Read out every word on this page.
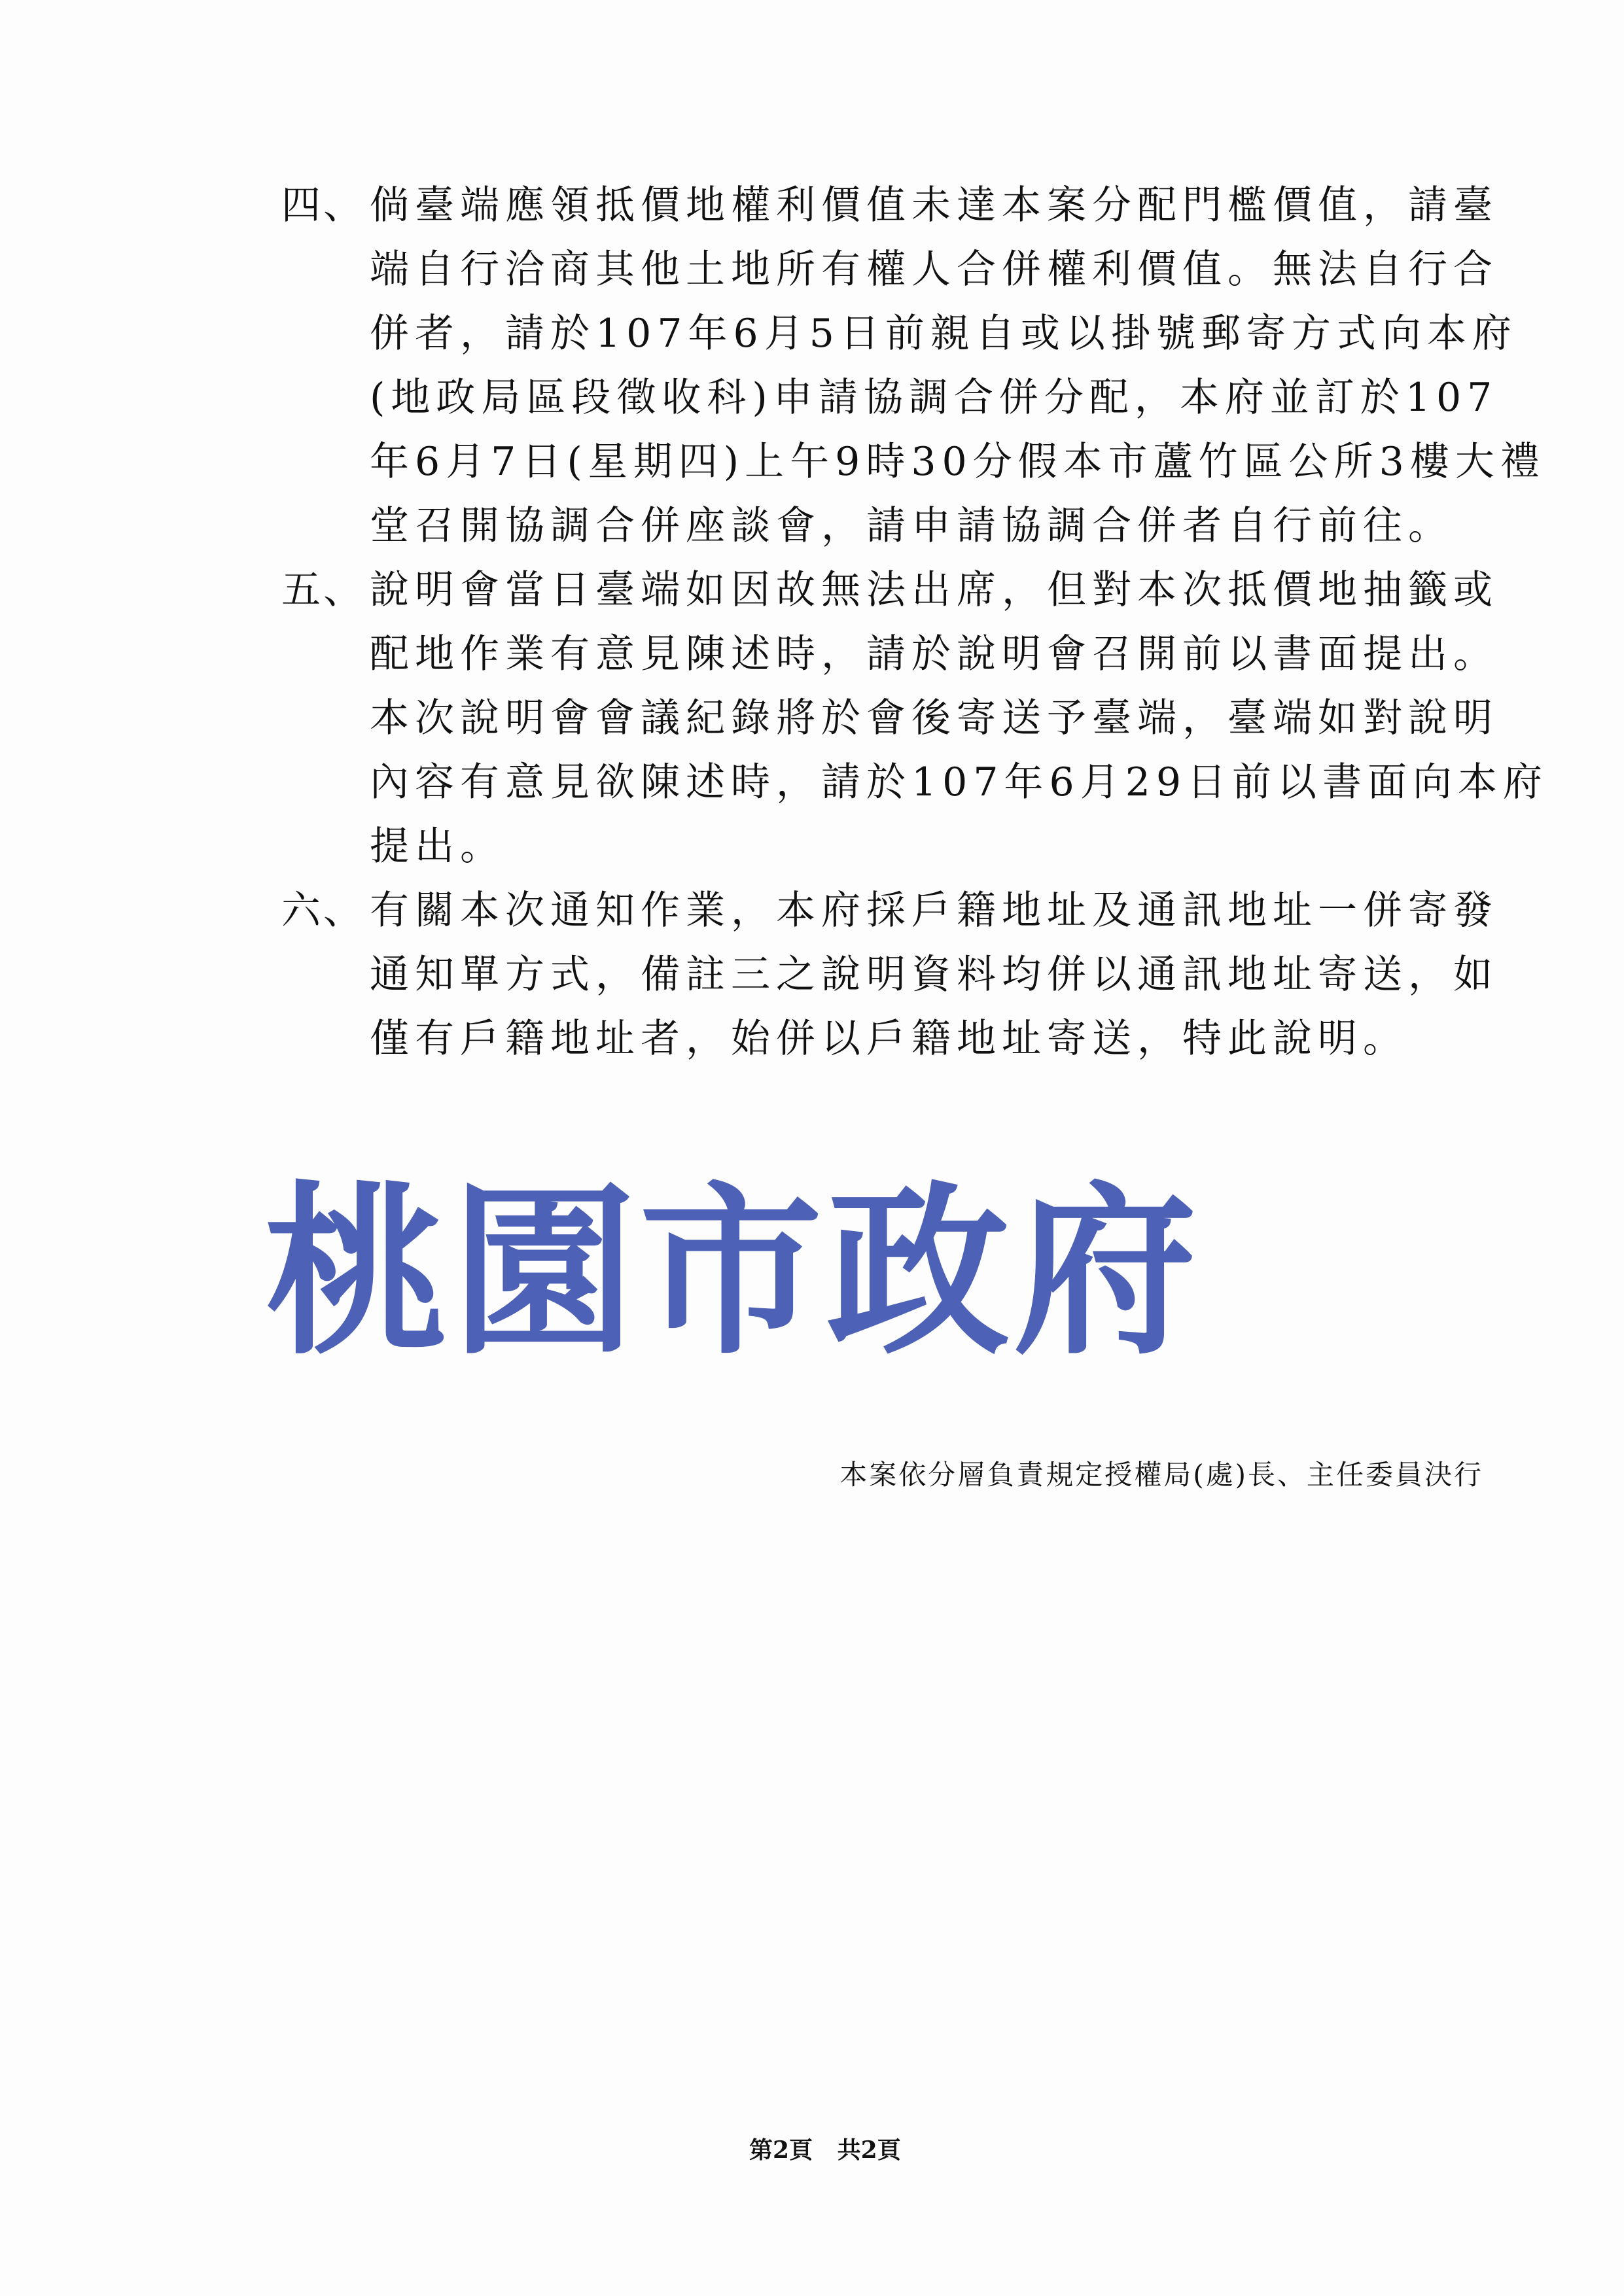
四、 倘臺端應領抵價地權利價值未達本案分配門檻價值，請臺
端自行洽商其他土地所有權人合併權利價值。無法自行合
併者，請於107年6月5日前親自或以掛號郵寄方式向本府
(地政局區段徵收科)申請協調合併分配，本府並訂於107
年6月7日(星期四)上午9時30分假本市蘆竹區公所3樓大禮
堂召開協調合併座談會，請申請協調合併者自行前往。
五、 說明會當日臺端如因故無法出席，但對本次抵價地抽籤或
配地作業有意見陳述時，請於說明會召開前以書面提出。
本次說明會會議紀錄將於會後寄送予臺端，臺端如對說明
內容有意見欲陳述時，請於107年6月29日前以書面向本府
提出。
六、 有關本次通知作業，本府採戶籍地址及通訊地址一併寄發
通知單方式，備註三之說明資料均併以通訊地址寄送，如
僅有戶籍地址者，始併以戶籍地址寄送，特此說明。
桃園市政府
本案依分層負責規定授權局(處)長、主任委員決行
第2頁   共2頁
